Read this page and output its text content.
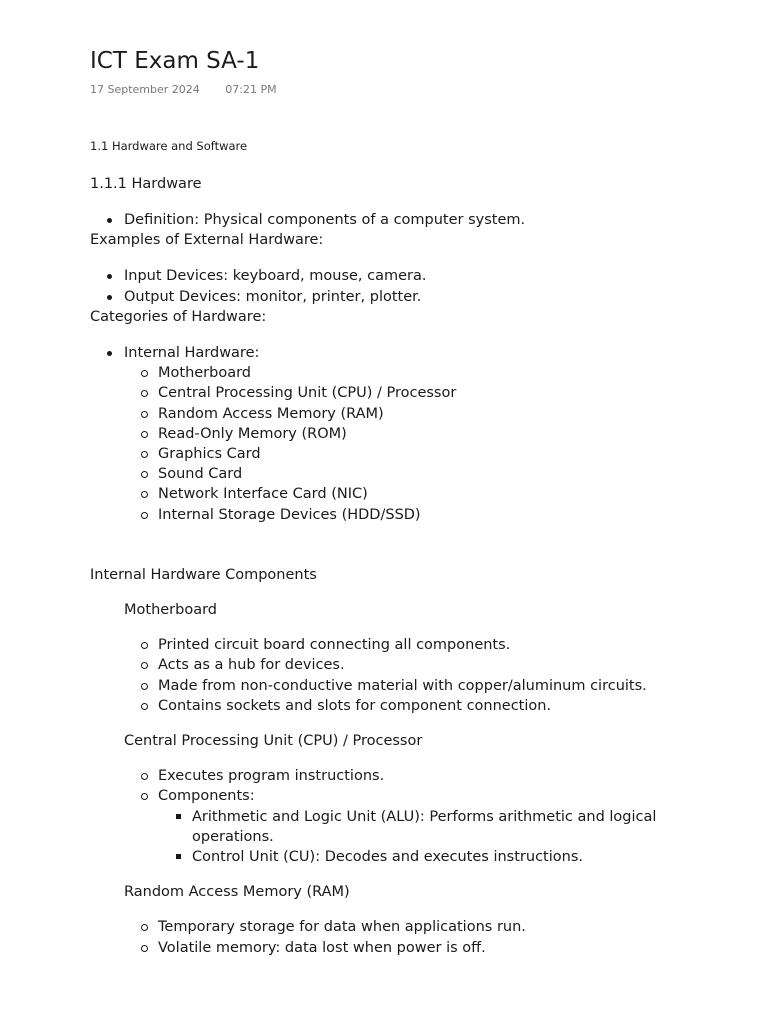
ICT Exam SA-1
17 September 2024 07:21 PM

1.1 Hardware and Software

1.1.1 Hardware

Definition: Physical components of a computer system.

Examples of External Hardware:

Input Devices: keyboard, mouse, camera.
Output Devices: monitor, printer, plotter.

Categories of Hardware:

Internal Hardware:
Motherboard
Central Processing Unit (CPU) / Processor
Random Access Memory (RAM)
Read-Only Memory (ROM)
Graphics Card
Sound Card
Network Interface Card (NIC)
Internal Storage Devices (HDD/SSD)

Internal Hardware Components

Motherboard

Printed circuit board connecting all components.
Acts as a hub for devices.
Made from non-conductive material with copper/aluminum circuits.
Contains sockets and slots for component connection.

Central Processing Unit (CPU) / Processor

Executes program instructions.
Components:
Arithmetic and Logic Unit (ALU): Performs arithmetic and logical operations.
Control Unit (CU): Decodes and executes instructions.

Random Access Memory (RAM)

Temporary storage for data when applications run.
Volatile memory: data lost when power is off.
